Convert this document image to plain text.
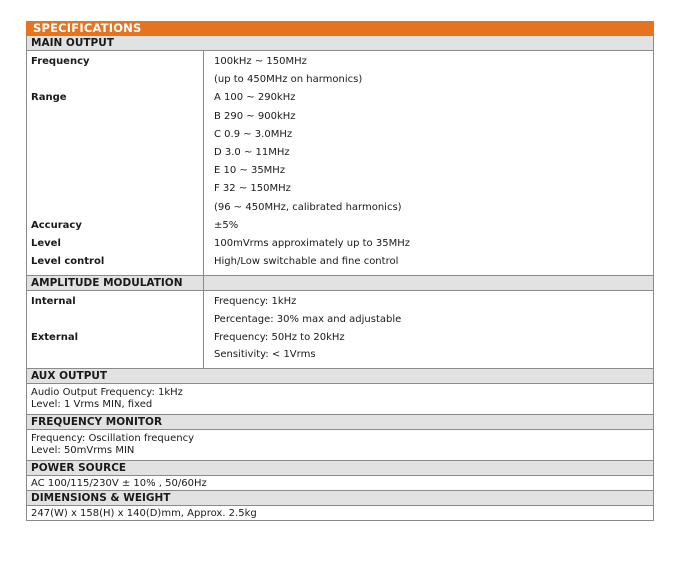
SPECIFICATIONS
MAIN OUTPUT
Frequency
Range
Accuracy
Level
Level control
100kHz ~ 150MHz
(up to 450MHz on harmonics)
A 100 ~ 290kHz
B 290 ~ 900kHz
C 0.9 ~ 3.0MHz
D 3.0 ~ 11MHz
E 10 ~ 35MHz
F 32 ~ 150MHz
(96 ~ 450MHz, calibrated harmonics)
±5%
100mVrms approximately up to 35MHz
High/Low switchable and fine control
AMPLITUDE MODULATION
Internal
External
Frequency: 1kHz
Percentage: 30% max and adjustable
Frequency: 50Hz to 20kHz
Sensitivity: < 1Vrms
AUX OUTPUT
Audio Output Frequency: 1kHz
Level: 1 Vrms MIN, fixed
FREQUENCY MONITOR
Frequency: Oscillation frequency
Level: 50mVrms MIN
POWER SOURCE
AC 100/115/230V ± 10% , 50/60Hz
DIMENSIONS & WEIGHT
247(W) x 158(H) x 140(D)mm, Approx. 2.5kg
